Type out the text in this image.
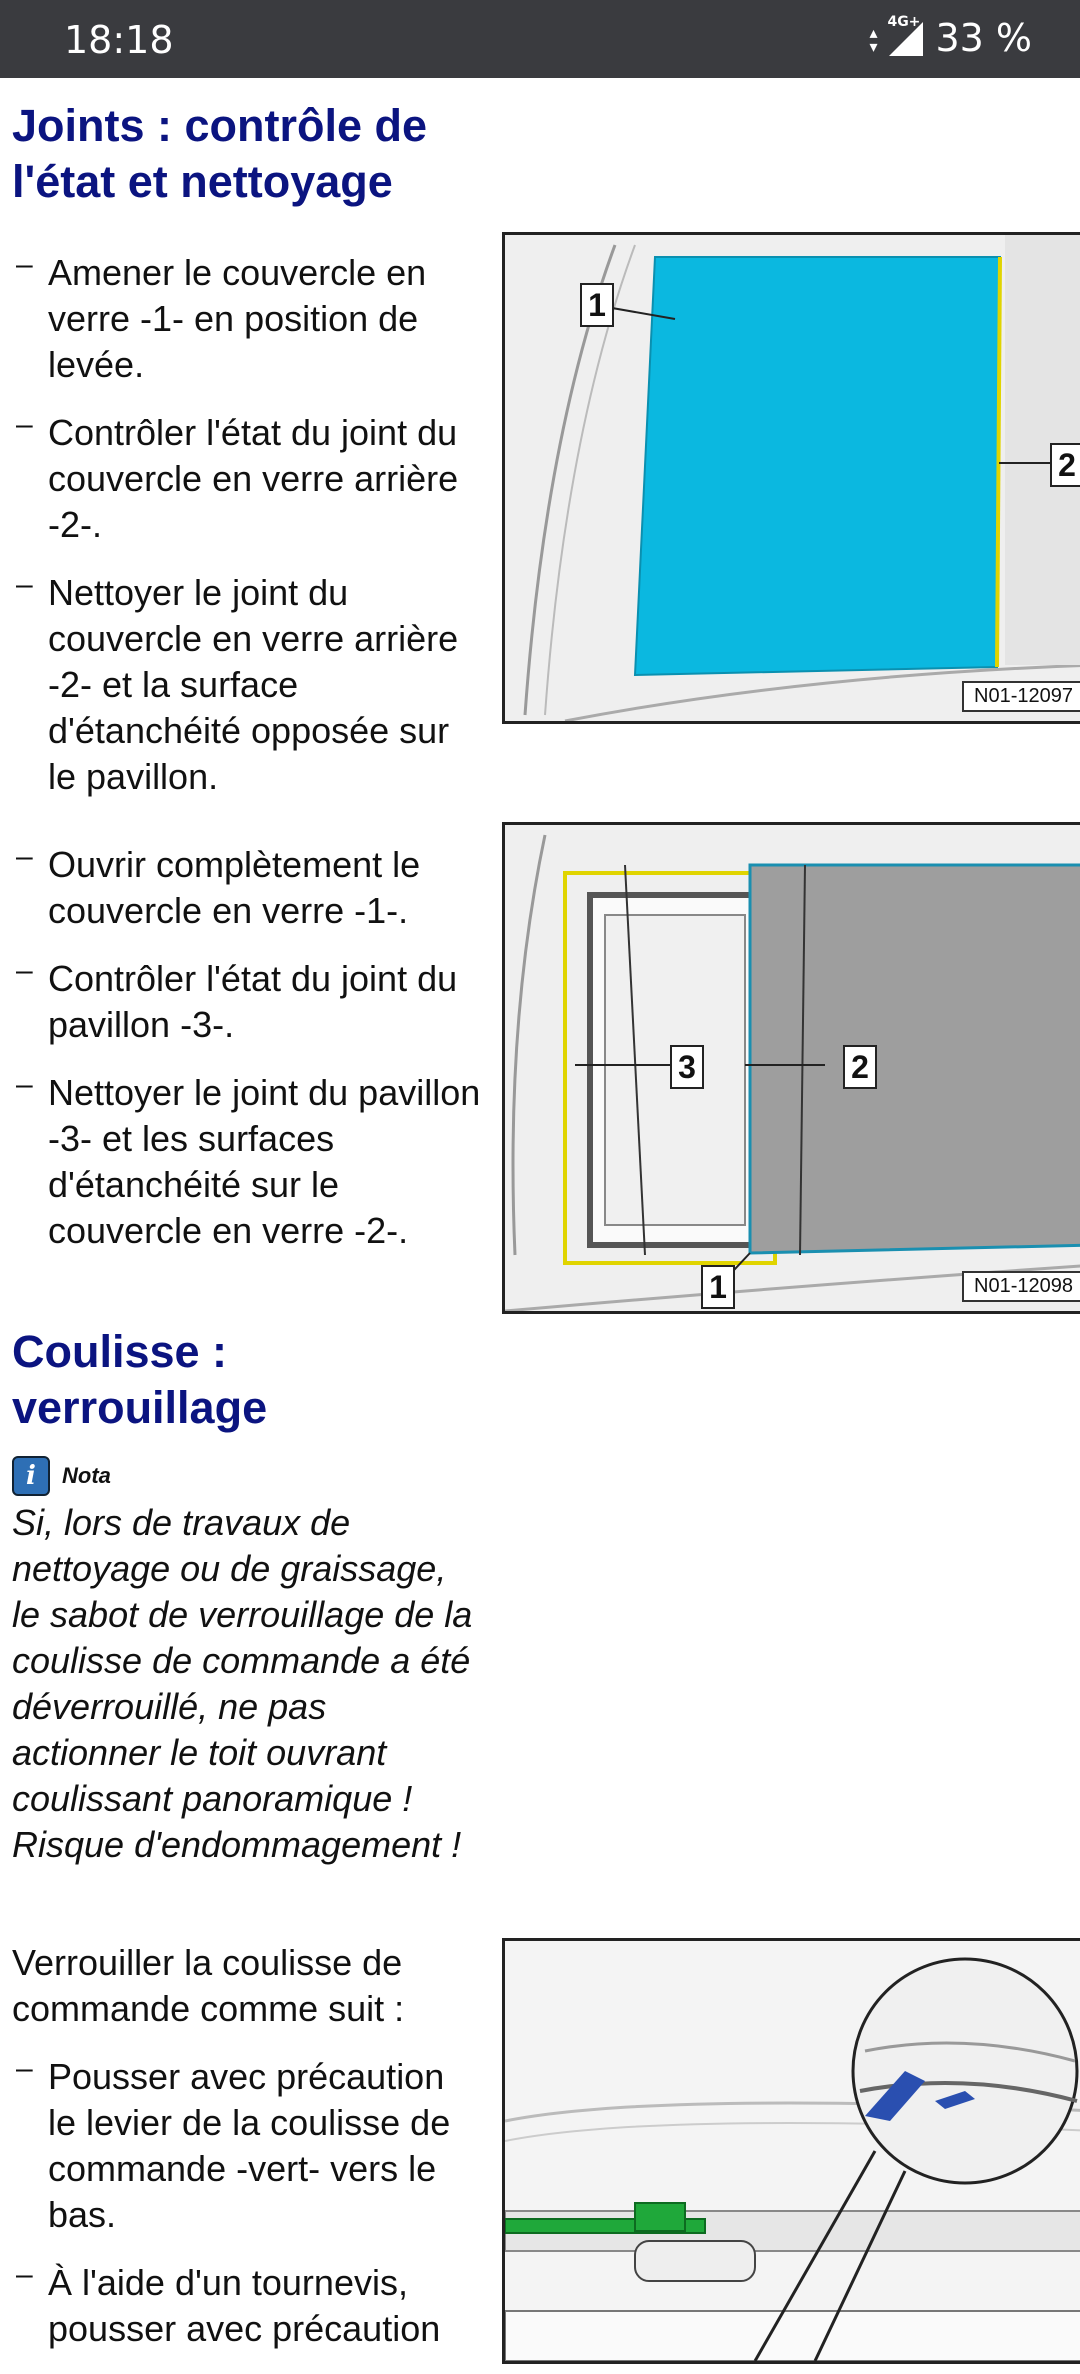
18:18	▴
▾
4G+ 33 %
Joints : contrôle de l'état et nettoyage
– Amener le couvercle en verre -1- en position de levée.
– Contrôler l'état du joint du couvercle en verre arrière -2-.
– Nettoyer le joint du couvercle en verre arrière -2- et la surface d'étanchéité opposée sur le pavillon.
1
2
N01-12097
– Ouvrir complètement le couvercle en verre -1-.
– Contrôler l'état du joint du pavillon -3-.
– Nettoyer le joint du pavillon -3- et les surfaces d'étanchéité sur le couvercle en verre -2-.
3	2
1	N01-12098
Coulisse : verrouillage
i	Nota

Si, lors de travaux de nettoyage ou de graissage, le sabot de verrouillage de la coulisse de commande a été déverrouillé, ne pas actionner le toit ouvrant coulissant panoramique ! Risque d'endommagement !

Verrouiller la coulisse de commande comme suit :

– Pousser avec précaution le levier de la coulisse de commande -vert- vers le bas.
– À l'aide d'un tournevis, pousser avec précaution
